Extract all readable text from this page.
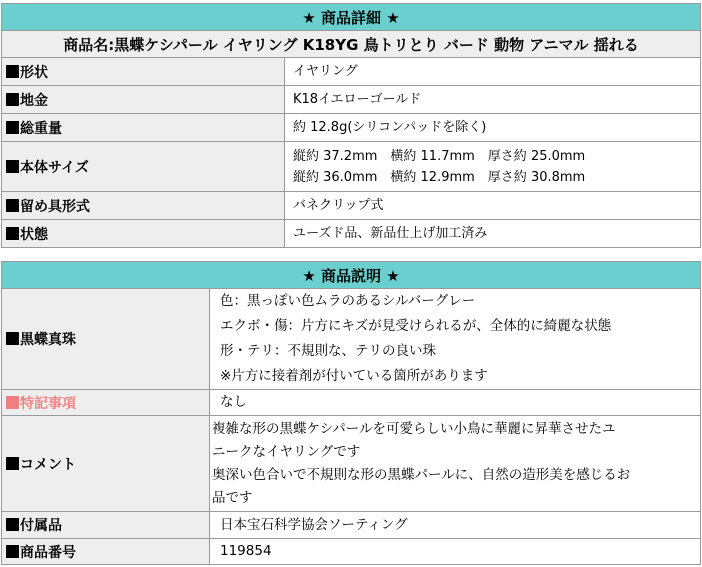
★ 商品詳細 ★	
商品名:黒蝶ケシパール イヤリング K18YG 鳥トリとり バード 動物 アニマル 揺れる	
形状	イヤリング
地金	K18イエローゴールド
総重量	約 12.8g(シリコンパッドを除く)
本体サイズ	縦約 37.2mm　横約 11.7mm　厚さ約 25.0mm
縦約 36.0mm　横約 12.9mm　厚さ約 30.8mm

留め具形式	バネクリップ式
状態	ユーズド品、新品仕上げ加工済み
★ 商品説明 ★	
黒蝶真珠	色：黒っぽい色ムラのあるシルバーグレー
エクボ・傷：片方にキズが見受けられるが、全体的に綺麗な状態
形・テリ：不規則な、テリの良い珠
※片方に接着剤が付いている箇所があります

特記事項	なし
コメント	複雑な形の黒蝶ケシパールを可愛らしい小鳥に華麗に昇華させたユ
ニークなイヤリングです
奥深い色合いで不規則な形の黒蝶パールに、自然の造形美を感じるお
品です

付属品	日本宝石科学協会ソーティング
商品番号	119854
